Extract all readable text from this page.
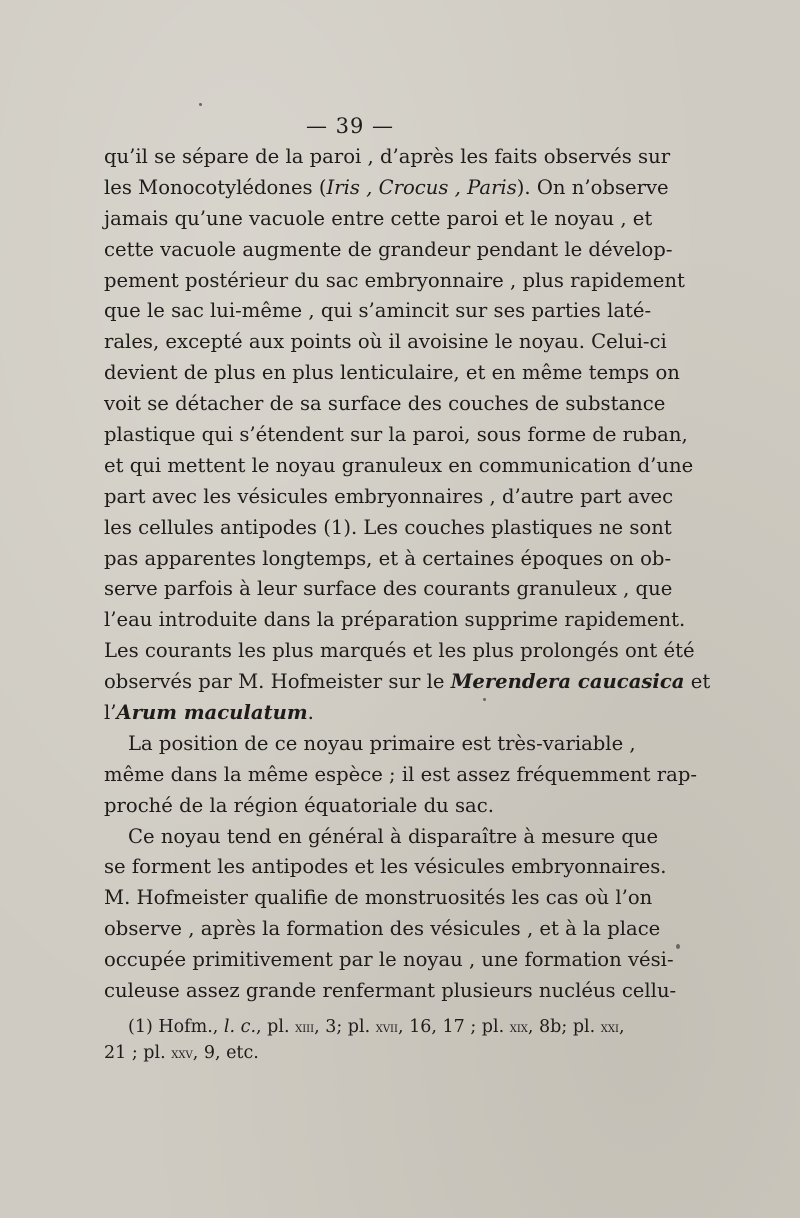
— 39 —
qu’il se sépare de la paroi , d’après les faits observés sur
les Monocotylédones (Iris , Crocus , Paris). On n’observe
jamais qu’une vacuole entre cette paroi et le noyau , et
cette vacuole augmente de grandeur pendant le dévelop-
pement postérieur du sac embryonnaire , plus rapidement
que le sac lui-même , qui s’amincit sur ses parties laté-
rales, excepté aux points où il avoisine le noyau. Celui-ci
devient de plus en plus lenticulaire, et en même temps on
voit se détacher de sa surface des couches de substance
plastique qui s’étendent sur la paroi, sous forme de ruban,
et qui mettent le noyau granuleux en communication d’une
part avec les vésicules embryonnaires , d’autre part avec
les cellules antipodes (1). Les couches plastiques ne sont
pas apparentes longtemps, et à certaines époques on ob-
serve parfois à leur surface des courants granuleux , que
l’eau introduite dans la préparation supprime rapidement.
Les courants les plus marqués et les plus prolongés ont été
observés par M. Hofmeister sur le Merendera caucasica et
l’Arum maculatum.
La position de ce noyau primaire est très-variable ,
même dans la même espèce ; il est assez fréquemment rap-
proché de la région équatoriale du sac.
Ce noyau tend en général à disparaître à mesure que
se forment les antipodes et les vésicules embryonnaires.
M. Hofmeister qualifie de monstruosités les cas où l’on
observe , après la formation des vésicules , et à la place
occupée primitivement par le noyau , une formation vési-
culeuse assez grande renfermant plusieurs nucléus cellu-
(1) Hofm., l. c., pl. xiii, 3; pl. xvii, 16, 17 ; pl. xix, 8b; pl. xxi,
21 ; pl. xxv, 9, etc.
